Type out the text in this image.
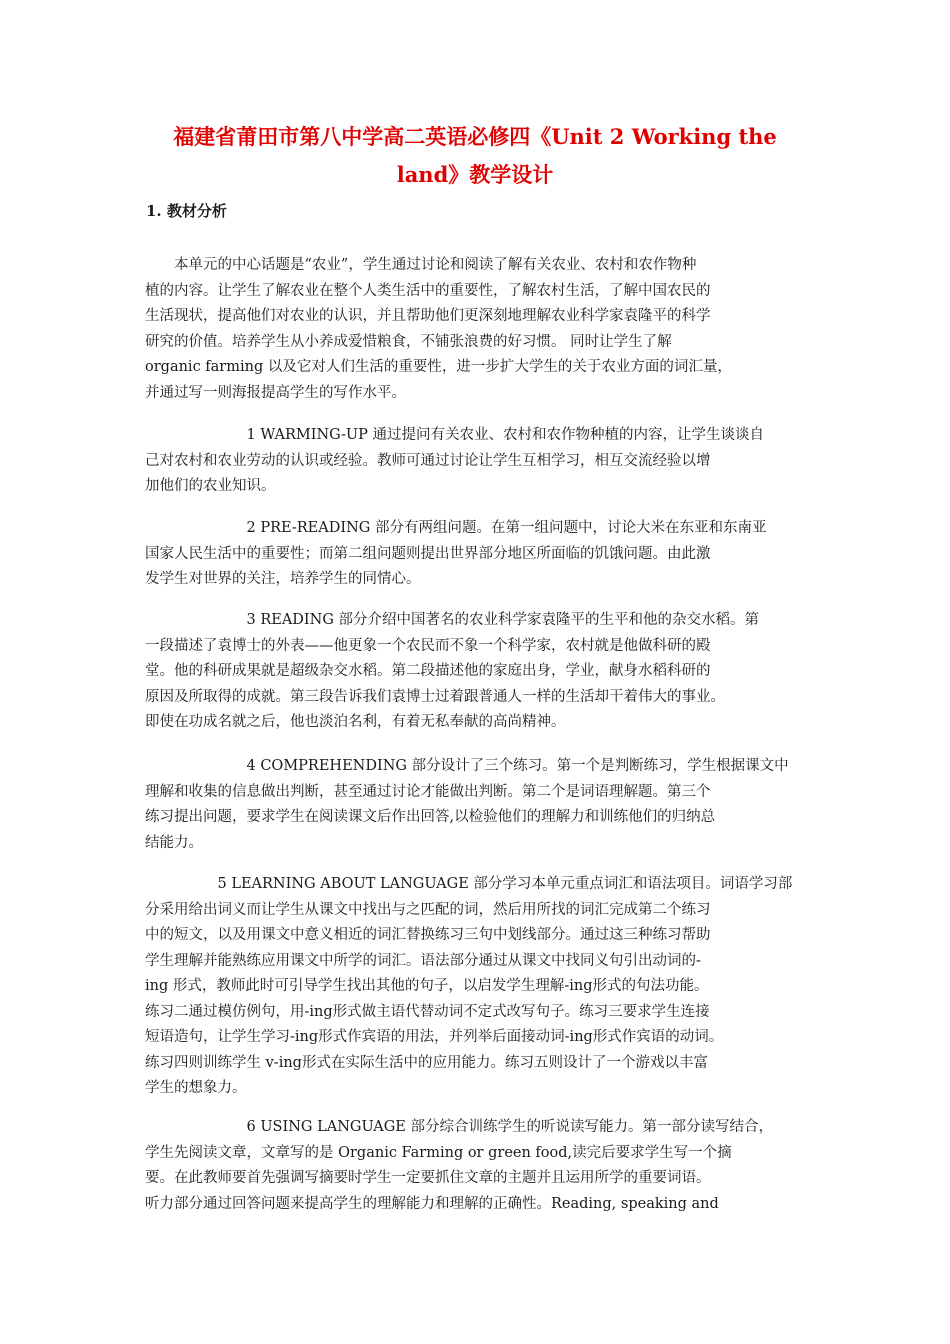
福建省莆田市第八中学高二英语必修四《Unit 2 Working the
land》教学设计
1. 教材分析
　　本单元的中心话题是“农业”，学生通过讨论和阅读了解有关农业、农村和农作物种
植的内容。让学生了解农业在整个人类生活中的重要性，了解农村生活，了解中国农民的
生活现状，提高他们对农业的认识，并且帮助他们更深刻地理解农业科学家袁隆平的科学
研究的价值。培养学生从小养成爱惜粮食，不铺张浪费的好习惯。 同时让学生了解
organic farming 以及它对人们生活的重要性，进一步扩大学生的关于农业方面的词汇量，
并通过写一则海报提高学生的写作水平。
　　　　　　　1 WARMING-UP 通过提问有关农业、农村和农作物种植的内容，让学生谈谈自
己对农村和农业劳动的认识或经验。教师可通过讨论让学生互相学习，相互交流经验以增
加他们的农业知识。
　　　　　　　2 PRE-READING 部分有两组问题。在第一组问题中，讨论大米在东亚和东南亚
国家人民生活中的重要性；而第二组问题则提出世界部分地区所面临的饥饿问题。由此激
发学生对世界的关注，培养学生的同情心。
　　　　　　　3 READING 部分介绍中国著名的农业科学家袁隆平的生平和他的杂交水稻。第
一段描述了袁博士的外表——他更象一个农民而不象一个科学家，农村就是他做科研的殿
堂。他的科研成果就是超级杂交水稻。第二段描述他的家庭出身，学业，献身水稻科研的
原因及所取得的成就。第三段告诉我们袁博士过着跟普通人一样的生活却干着伟大的事业。
即使在功成名就之后，他也淡泊名利，有着无私奉献的高尚精神。
　　　　　　　4 COMPREHENDING 部分设计了三个练习。第一个是判断练习，学生根据课文中
理解和收集的信息做出判断，甚至通过讨论才能做出判断。第二个是词语理解题。第三个
练习提出问题，要求学生在阅读课文后作出回答,以检验他们的理解力和训练他们的归纳总
结能力。
　　　　　5 LEARNING ABOUT LANGUAGE 部分学习本单元重点词汇和语法项目。词语学习部
分采用给出词义而让学生从课文中找出与之匹配的词，然后用所找的词汇完成第二个练习
中的短文，以及用课文中意义相近的词汇替换练习三句中划线部分。通过这三种练习帮助
学生理解并能熟练应用课文中所学的词汇。语法部分通过从课文中找同义句引出动词的-
ing 形式，教师此时可引导学生找出其他的句子，以启发学生理解-ing形式的句法功能。
练习二通过模仿例句，用-ing形式做主语代替动词不定式改写句子。练习三要求学生连接
短语造句，让学生学习-ing形式作宾语的用法，并列举后面接动词-ing形式作宾语的动词。
练习四则训练学生 v-ing形式在实际生活中的应用能力。练习五则设计了一个游戏以丰富
学生的想象力。
　　　　　　　6 USING LANGUAGE 部分综合训练学生的听说读写能力。第一部分读写结合，
学生先阅读文章，文章写的是 Organic Farming or green food,读完后要求学生写一个摘
要。在此教师要首先强调写摘要时学生一定要抓住文章的主题并且运用所学的重要词语。
听力部分通过回答问题来提高学生的理解能力和理解的正确性。Reading, speaking and
